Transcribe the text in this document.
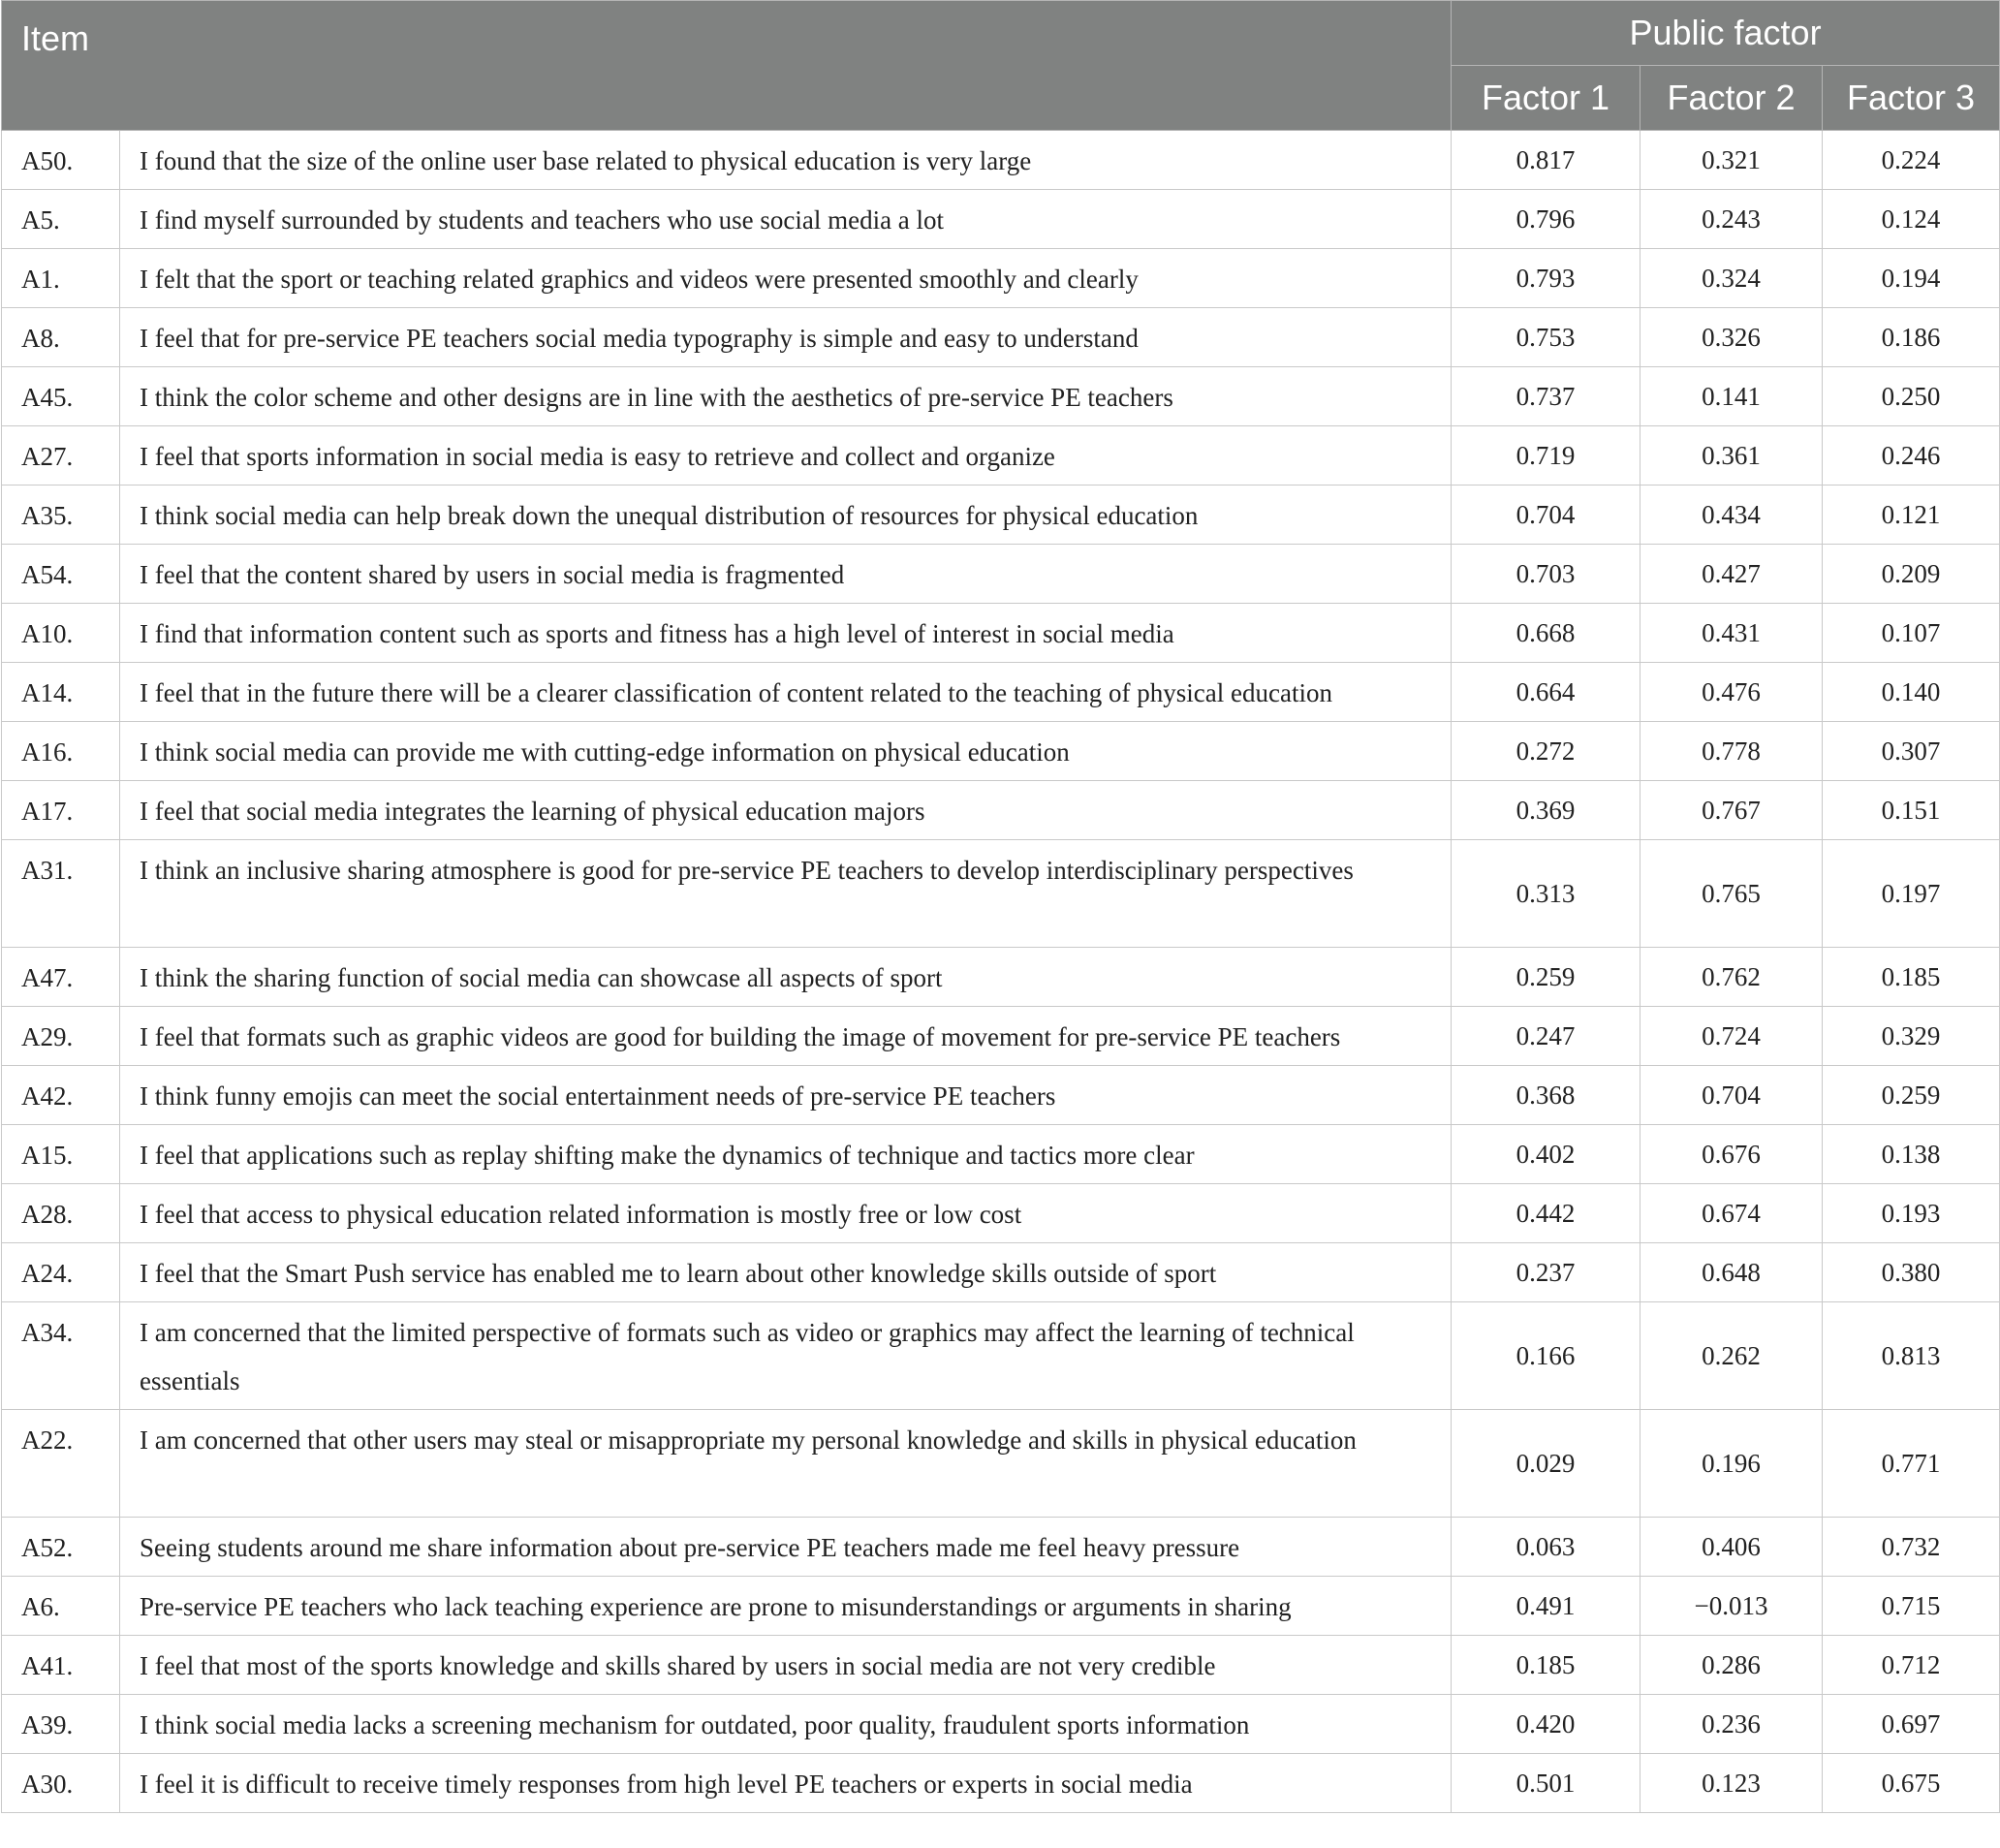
Item		Public factor		
		Factor 1	Factor 2	Factor 3
A50.	I found that the size of the online user base related to physical education is very large	0.817	0.321	0.224
A5.	I find myself surrounded by students and teachers who use social media a lot	0.796	0.243	0.124
A1.	I felt that the sport or teaching related graphics and videos were presented smoothly and clearly	0.793	0.324	0.194
A8.	I feel that for pre-service PE teachers social media typography is simple and easy to understand	0.753	0.326	0.186
A45.	I think the color scheme and other designs are in line with the aesthetics of pre-service PE teachers	0.737	0.141	0.250
A27.	I feel that sports information in social media is easy to retrieve and collect and organize	0.719	0.361	0.246
A35.	I think social media can help break down the unequal distribution of resources for physical education	0.704	0.434	0.121
A54.	I feel that the content shared by users in social media is fragmented	0.703	0.427	0.209
A10.	I find that information content such as sports and fitness has a high level of interest in social media	0.668	0.431	0.107
A14.	I feel that in the future there will be a clearer classification of content related to the teaching of physical education	0.664	0.476	0.140
A16.	I think social media can provide me with cutting-edge information on physical education	0.272	0.778	0.307
A17.	I feel that social media integrates the learning of physical education majors	0.369	0.767	0.151
A31.	I think an inclusive sharing atmosphere is good for pre-service PE teachers to develop interdisciplinary perspectives	0.313	0.765	0.197
A47.	I think the sharing function of social media can showcase all aspects of sport	0.259	0.762	0.185
A29.	I feel that formats such as graphic videos are good for building the image of movement for pre-service PE teachers	0.247	0.724	0.329
A42.	I think funny emojis can meet the social entertainment needs of pre-service PE teachers	0.368	0.704	0.259
A15.	I feel that applications such as replay shifting make the dynamics of technique and tactics more clear	0.402	0.676	0.138
A28.	I feel that access to physical education related information is mostly free or low cost	0.442	0.674	0.193
A24.	I feel that the Smart Push service has enabled me to learn about other knowledge skills outside of sport	0.237	0.648	0.380
A34.	I am concerned that the limited perspective of formats such as video or graphics may affect the learning of technical essentials	0.166	0.262	0.813
A22.	I am concerned that other users may steal or misappropriate my personal knowledge and skills in physical education	0.029	0.196	0.771
A52.	Seeing students around me share information about pre-service PE teachers made me feel heavy pressure	0.063	0.406	0.732
A6.	Pre-service PE teachers who lack teaching experience are prone to misunderstandings or arguments in sharing	0.491	−0.013	0.715
A41.	I feel that most of the sports knowledge and skills shared by users in social media are not very credible	0.185	0.286	0.712
A39.	I think social media lacks a screening mechanism for outdated, poor quality, fraudulent sports information	0.420	0.236	0.697
A30.	I feel it is difficult to receive timely responses from high level PE teachers or experts in social media	0.501	0.123	0.675
